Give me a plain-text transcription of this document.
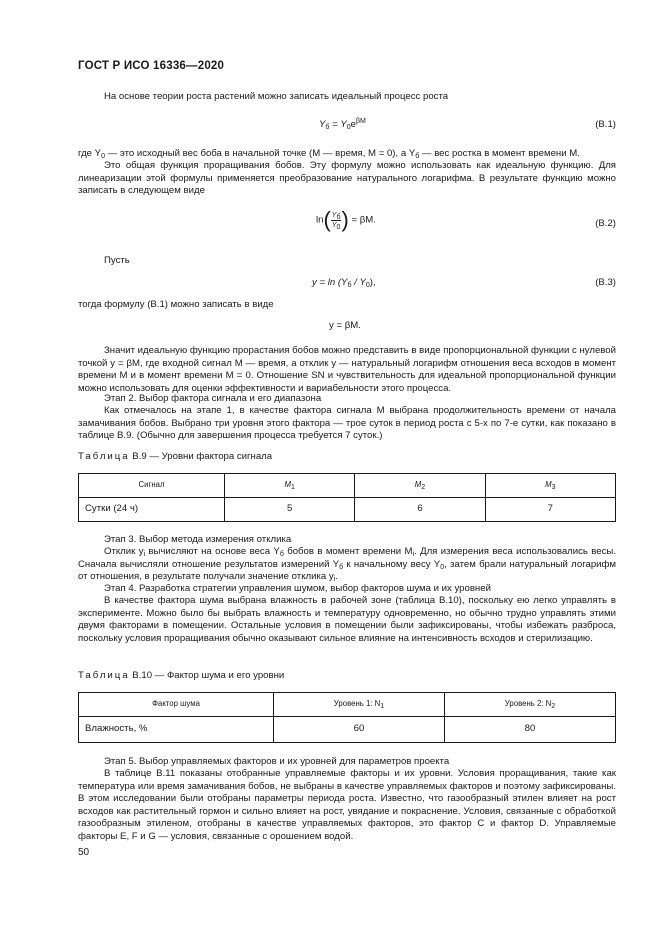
ГОСТ Р ИСО 16336—2020

На основе теории роста растений можно записать идеальный процесс роста

$Y_б = Y_0e^{\beta M}$	(В.1)

где $Y_0$ — это исходный вес боба в начальной точке (M — время, M = 0), а $Y_б$ — вес ростка в момент времени M.

Это общая функция проращивания бобов. Эту формулу можно использовать как идеальную функцию. Для линеаризации этой формулы применяется преобразование натурального логарифма. В результате функцию можно записать в следующем виде

$\ln( \frac{Y_б}{Y_0}$ ) = βM.	(В.2)

Пусть

$y = \ln (Y_б / Y_0)$,	(В.3)

тогда формулу (В.1) можно записать в виде

y = βM.

Значит идеальную функцию прорастания бобов можно представить в виде пропорциональной функции с нулевой точкой y = βM, где входной сигнал M — время, а отклик y — натуральный логарифм отношения веса всходов в момент времени M и в момент времени M = 0. Отношение SN и чувствительность для идеальной пропорциональной функции можно использовать для оценки эффективности и вариабельности этого процесса.

Этап 2. Выбор фактора сигнала и его диапазона

Как отмечалось на этапе 1, в качестве фактора сигнала M выбрана продолжительность времени от начала замачивания бобов. Выбрано три уровня этого фактора — трое суток в период роста с 5-х по 7-е сутки, как показано в таблице В.9. (Обычно для завершения процесса требуется 7 суток.)

Таблица В.9 — Уровни фактора сигнала
Сигнал	$M_1$	$M_2$	$M_3$
Сутки (24 ч)	5	6	7

Этап 3. Выбор метода измерения отклика

Отклик $y_i$ вычисляют на основе веса $Y_б$ бобов в момент времени $M_i$. Для измерения веса использовались весы. Сначала вычисляли отношение результатов измерений $Y_б$ к начальному весу $Y_0$, затем брали натуральный логарифм от отношения, в результате получали значение отклика $y_i$.

Этап 4. Разработка стратегии управления шумом, выбор факторов шума и их уровней

В качестве фактора шума выбрана влажность в рабочей зоне (таблица В.10), поскольку ею легко управлять в эксперименте. Можно было бы выбрать влажность и температуру одновременно, но обычно трудно управлять этими двумя факторами в помещении. Остальные условия в помещении были зафиксированы, чтобы избежать разброса, поскольку условия проращивания обычно оказывают сильное влияние на интенсивность всходов и стерилизацию.

Таблица В.10 — Фактор шума и его уровни
Фактор шума	Уровень 1: $N_1$	Уровень 2: $N_2$
Влажность, %	60	80

Этап 5. Выбор управляемых факторов и их уровней для параметров проекта

В таблице В.11 показаны отобранные управляемые факторы и их уровни. Условия проращивания, такие как температура или время замачивания бобов, не выбраны в качестве управляемых факторов и поэтому зафиксированы. В этом исследовании были отобраны параметры периода роста. Известно, что газообразный этилен влияет на рост всходов как растительный гормон и сильно влияет на рост, увядание и покраснение. Условия, связанные с обработкой газообразным этиленом, отобраны в качестве управляемых факторов, это фактор C и фактор D. Управляемые факторы E, F и G — условия, связанные с орошением водой.

50
